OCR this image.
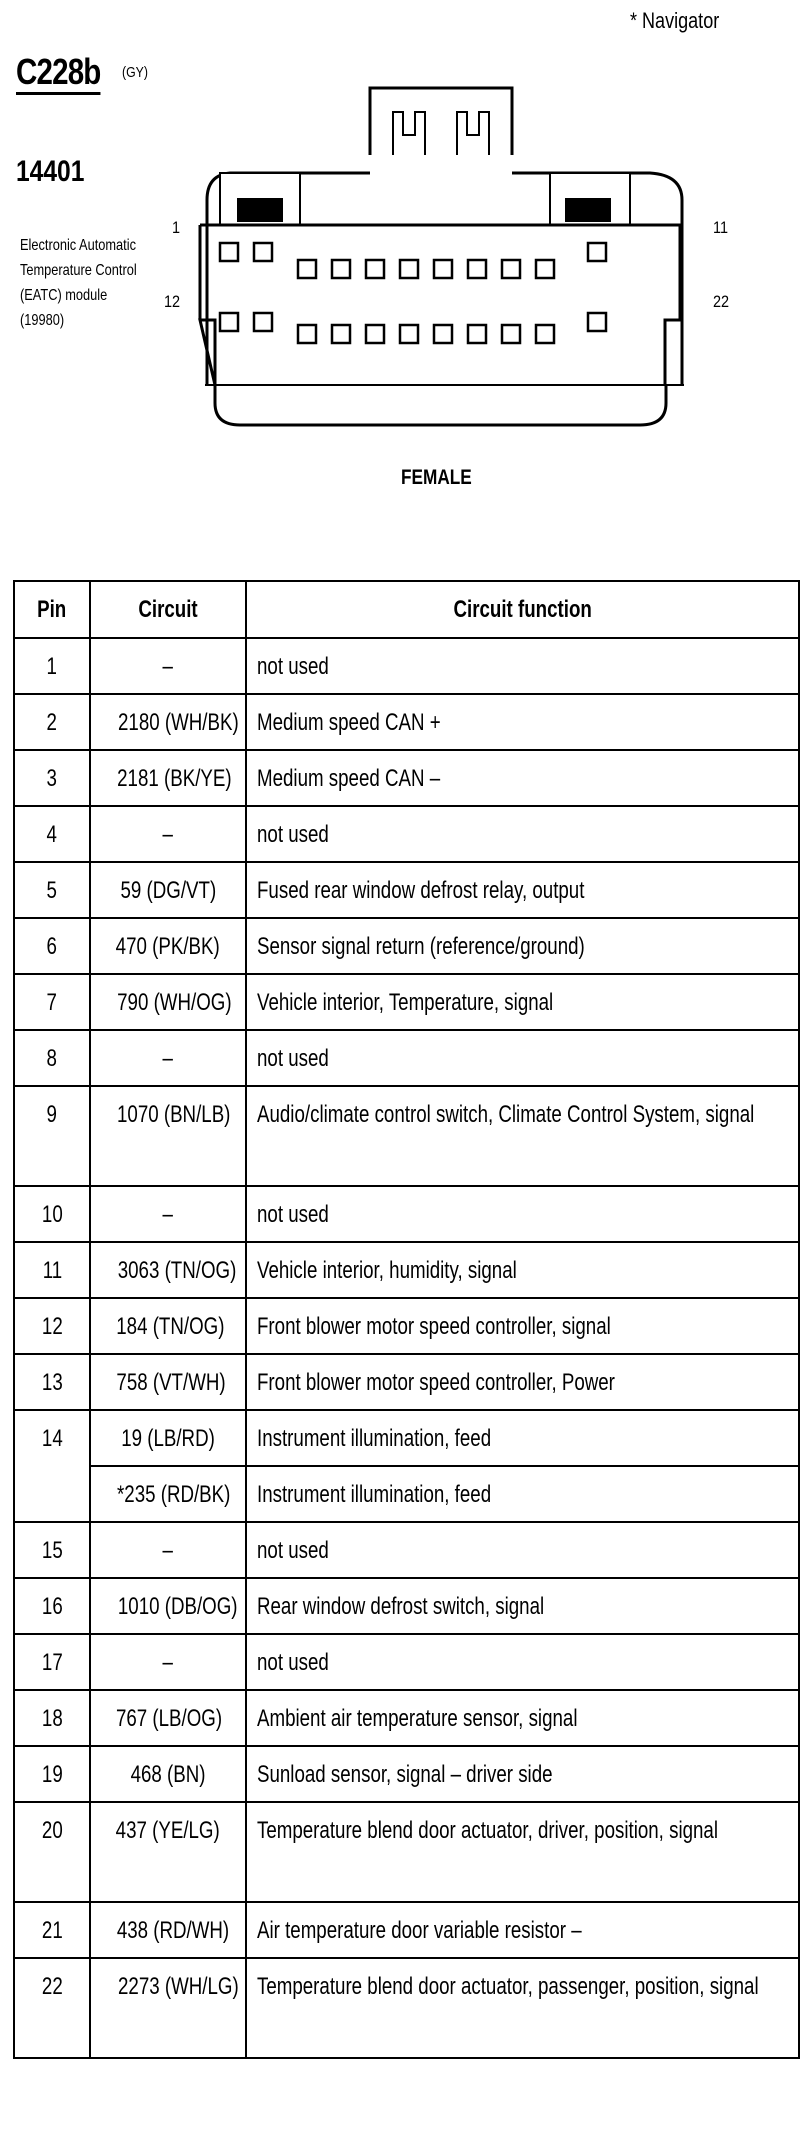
* Navigator
C228b (GY)
14401
Electronic Automatic
Temperature Control
(EATC) module
(19980)
1
12
11
22
FEMALE
Pin	Circuit	Circuit function
1	–	not used
2	2180 (WH/BK)	Medium speed CAN +
3	2181 (BK/YE)	Medium speed CAN –
4	–	not used
5	59 (DG/VT)	Fused rear window defrost relay, output
6	470 (PK/BK)	Sensor signal return (reference/ground)
7	790 (WH/OG)	Vehicle interior, Temperature, signal
8	–	not used
9	1070 (BN/LB)	Audio/climate control switch, Climate Control System, signal
10	–	not used
11	3063 (TN/OG)	Vehicle interior, humidity, signal
12	184 (TN/OG)	Front blower motor speed controller, signal
13	758 (VT/WH)	Front blower motor speed controller, Power
14	19 (LB/RD)	Instrument illumination, feed
	*235 (RD/BK)	Instrument illumination, feed
15	–	not used
16	1010 (DB/OG)	Rear window defrost switch, signal
17	–	not used
18	767 (LB/OG)	Ambient air temperature sensor, signal
19	468 (BN)	Sunload sensor, signal – driver side
20	437 (YE/LG)	Temperature blend door actuator, driver, position, signal
21	438 (RD/WH)	Air temperature door variable resistor –
22	2273 (WH/LG)	Temperature blend door actuator, passenger, position, signal
